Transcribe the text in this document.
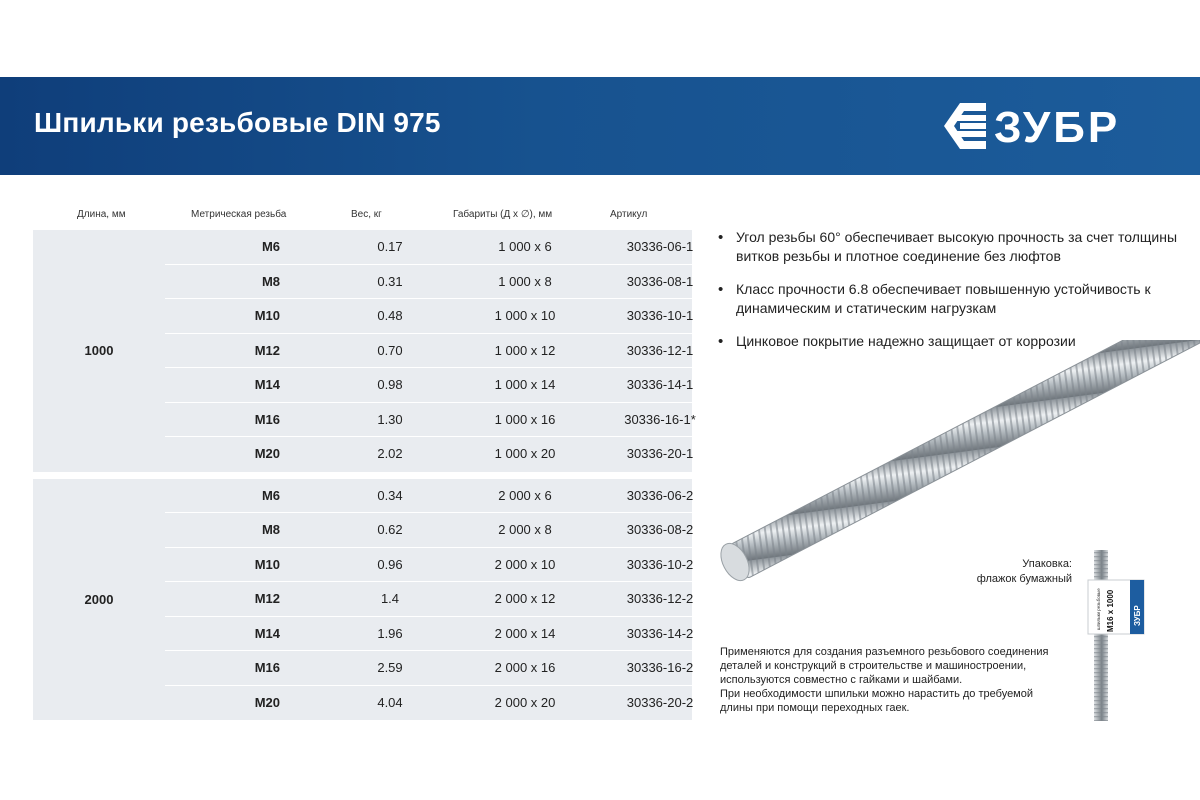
Шпильки резьбовые DIN 975	ЗУБР
ПРОФЕССИОНАЛ
Длина, мм	Метрическая резьба	Вес, кг	Габариты (Д х ∅), мм	Артикул
1000
M6	0.17	1 000 x 6	30336-06-1
M8	0.31	1 000 x 8	30336-08-1
M10	0.48	1 000 x 10	30336-10-1
M12	0.70	1 000 x 12	30336-12-1
M14	0.98	1 000 x 14	30336-14-1
M16	1.30	1 000 x 16	30336-16-1*
M20	2.02	1 000 x 20	30336-20-1
2000
M6	0.34	2 000 x 6	30336-06-2
M8	0.62	2 000 x 8	30336-08-2
M10	0.96	2 000 x 10	30336-10-2
M12	1.4	2 000 x 12	30336-12-2
M14	1.96	2 000 x 14	30336-14-2
M16	2.59	2 000 x 16	30336-16-2
M20	4.04	2 000 x 20	30336-20-2
• Угол резьбы 60° обеспечивает высокую прочность за счет толщины витков резьбы и плотное соединение без люфтов
• Класс прочности 6.8 обеспечивает повышенную устойчивость к динамическим и статическим нагрузкам
• Цинковое покрытие надежно защищает от коррозии
Упаковка:
флажок бумажный
ЗУБР
шпильки резьбовые М16 х 1000
Применяются для создания разъемного резьбового соединения
деталей и конструкций в строительстве и машиностроении,
используются совместно с гайками и шайбами.
При необходимости шпильки можно нарастить до требуемой
длины при помощи переходных гаек.
